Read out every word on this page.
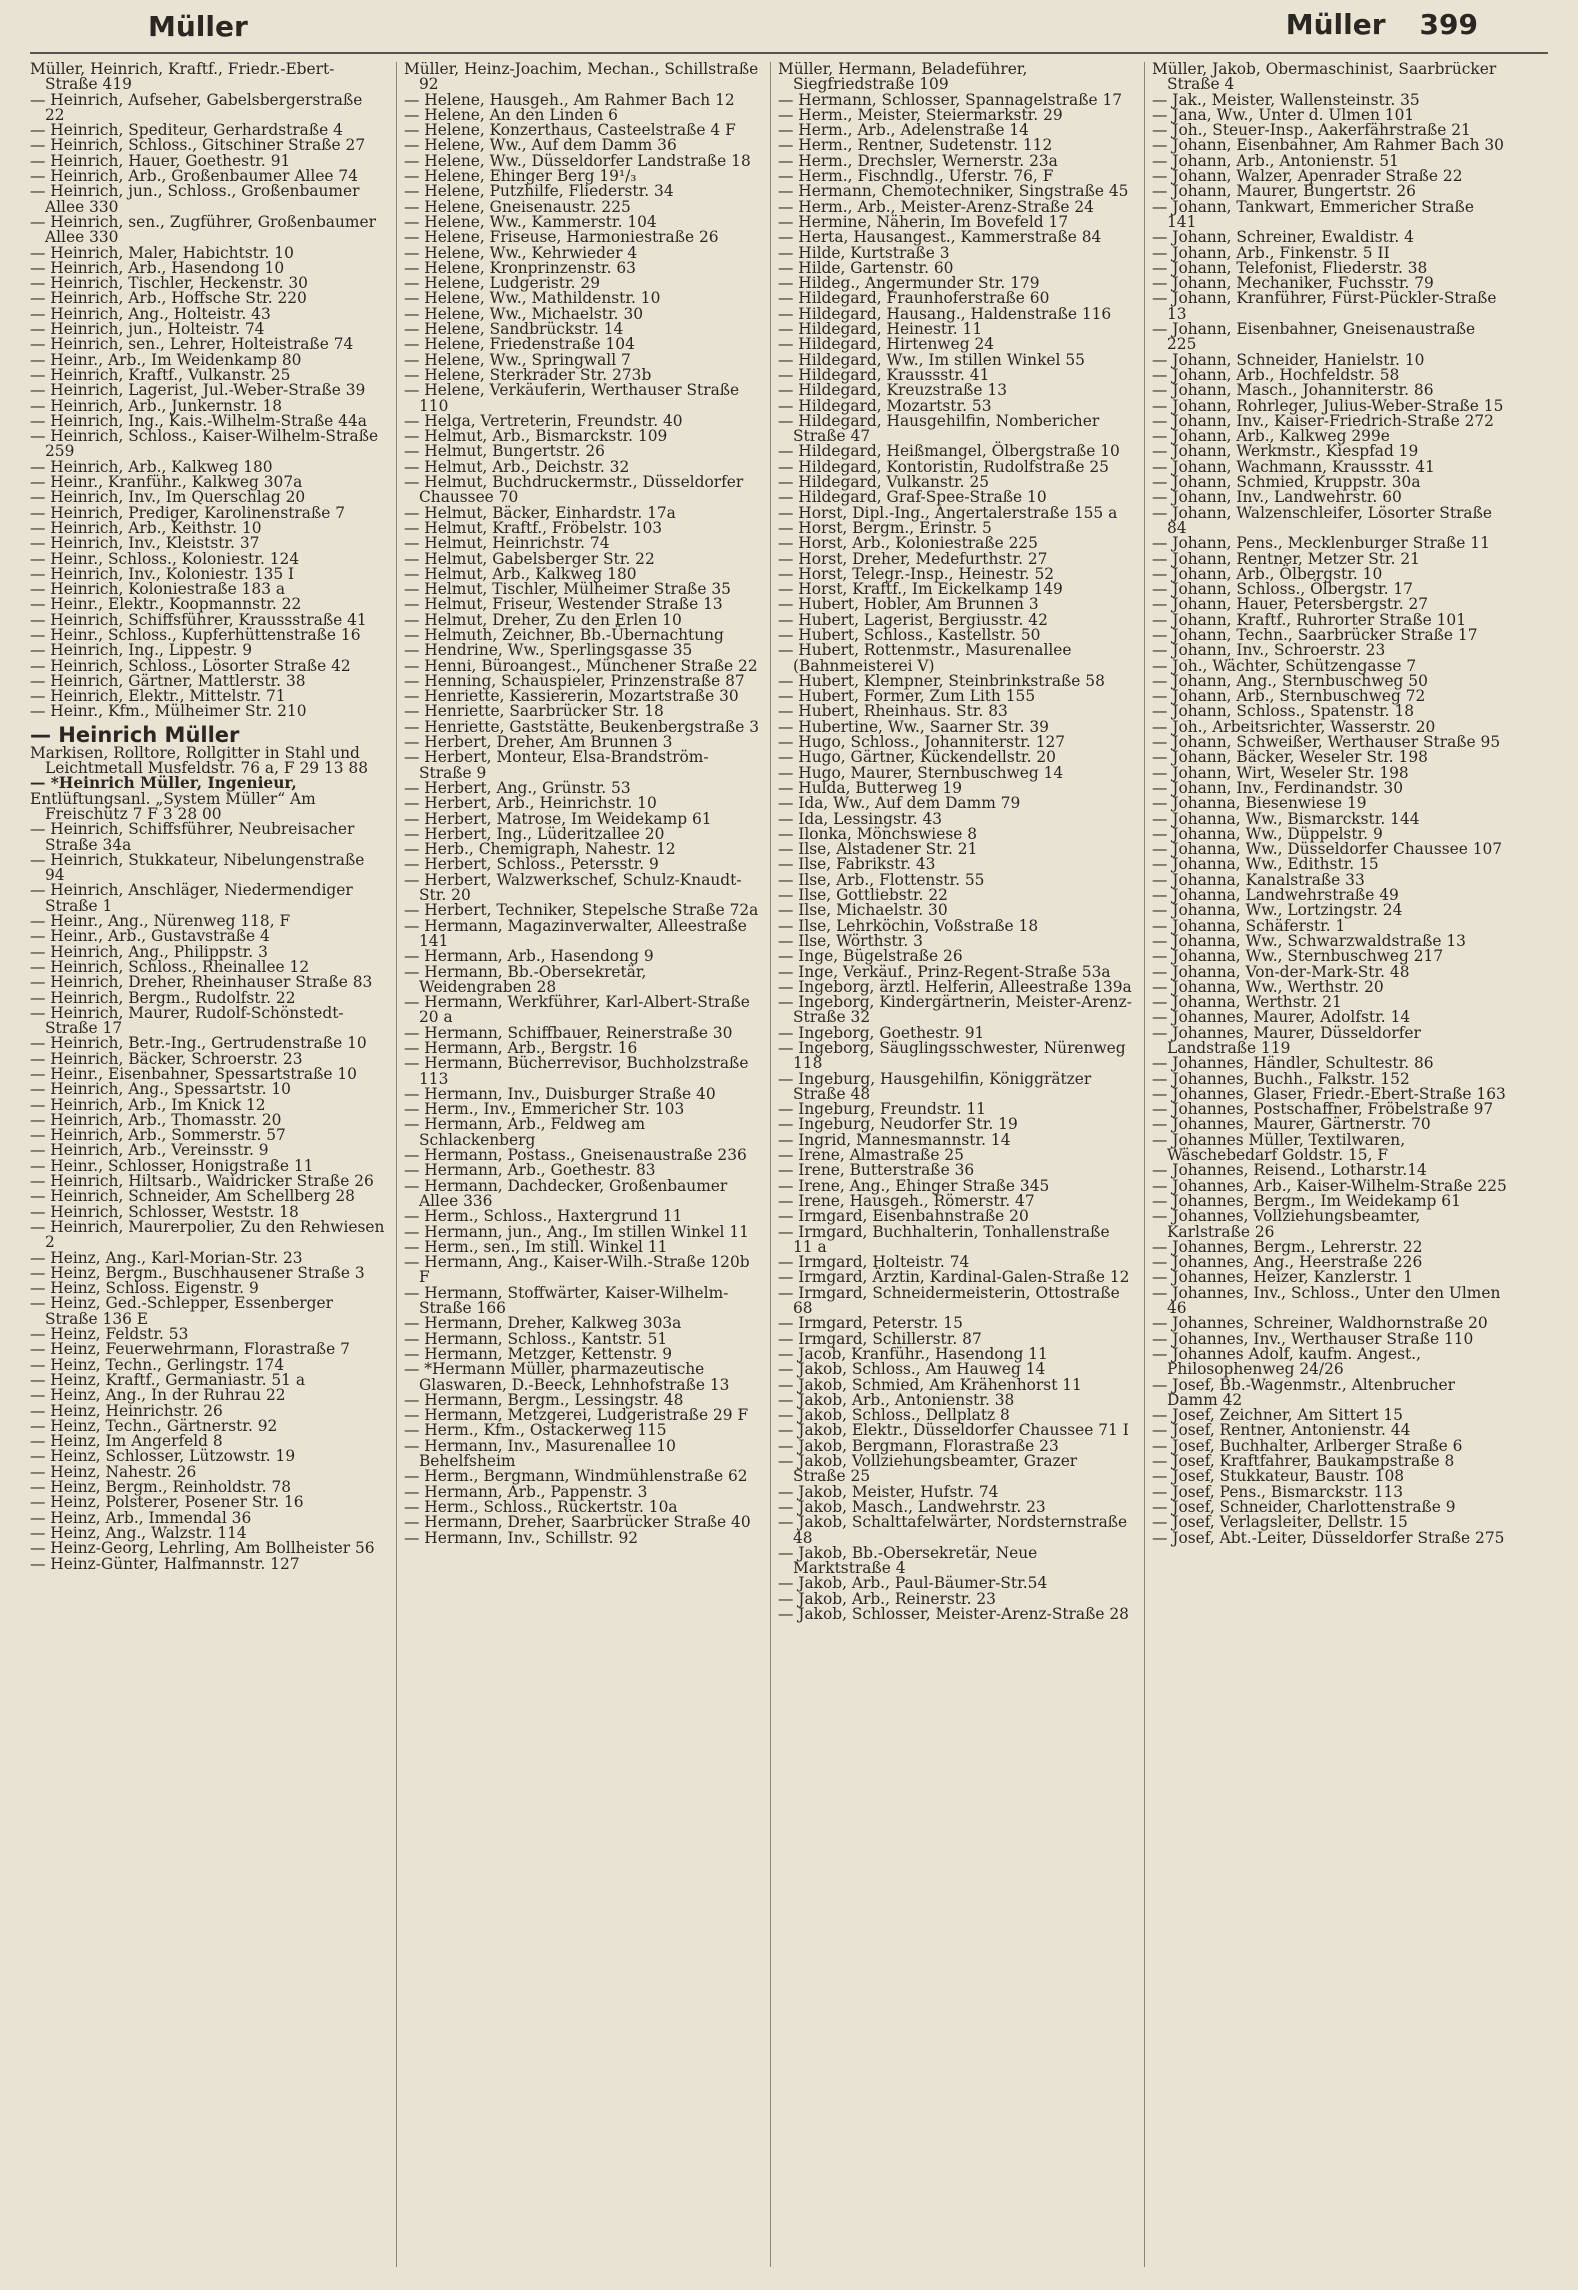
Müller	Müller 399

Müller, Heinrich, Kraftf., Friedr.-Ebert-Straße 419

— Heinrich, Aufseher, Gabelsbergerstraße 22

— Heinrich, Spediteur, Gerhardstraße 4

— Heinrich, Schloss., Gitschiner Straße 27

— Heinrich, Hauer, Goethestr. 91

— Heinrich, Arb., Großenbaumer Allee 74

— Heinrich, jun., Schloss., Großenbaumer Allee 330

— Heinrich, sen., Zugführer, Großenbaumer Allee 330

— Heinrich, Maler, Habichtstr. 10

— Heinrich, Arb., Hasendong 10

— Heinrich, Tischler, Heckenstr. 30

— Heinrich, Arb., Hoffsche Str. 220

— Heinrich, Ang., Holteistr. 43

— Heinrich, jun., Holteistr. 74

— Heinrich, sen., Lehrer, Holteistraße 74

— Heinr., Arb., Im Weidenkamp 80

— Heinrich, Kraftf., Vulkanstr. 25

— Heinrich, Lagerist, Jul.-Weber-Straße 39

— Heinrich, Arb., Junkernstr. 18

— Heinrich, Ing., Kais.-Wilhelm-Straße 44a

— Heinrich, Schloss., Kaiser-Wilhelm-Straße 259

— Heinrich, Arb., Kalkweg 180

— Heinr., Kranführ., Kalkweg 307a

— Heinrich, Inv., Im Querschlag 20

— Heinrich, Prediger, Karolinenstraße 7

— Heinrich, Arb., Keithstr. 10

— Heinrich, Inv., Kleiststr. 37

— Heinr., Schloss., Koloniestr. 124

— Heinrich, Inv., Koloniestr. 135 I

— Heinrich, Koloniestraße 183 a

— Heinr., Elektr., Koopmannstr. 22

— Heinrich, Schiffsführer, Kraussstraße 41

— Heinr., Schloss., Kupferhüttenstraße 16

— Heinrich, Ing., Lippestr. 9

— Heinrich, Schloss., Lösorter Straße 42

— Heinrich, Gärtner, Mattlerstr. 38

— Heinrich, Elektr., Mittelstr. 71

— Heinr., Kfm., Mülheimer Str. 210

— Heinrich Müller

Markisen, Rolltore, Rollgitter in Stahl und Leichtmetall Musfeldstr. 76 a, F 29 13 88

— *Heinrich Müller, Ingenieur,

Entlüftungsanl. „System Müller“ Am Freischütz 7 F 3 28 00

— Heinrich, Schiffsführer, Neubreisacher Straße 34a

— Heinrich, Stukkateur, Nibelungenstraße 94

— Heinrich, Anschläger, Niedermendiger Straße 1

— Heinr., Ang., Nürenweg 118, F

— Heinr., Arb., Gustavstraße 4

— Heinrich, Ang., Philippstr. 3

— Heinrich, Schloss., Rheinallee 12

— Heinrich, Dreher, Rheinhauser Straße 83

— Heinrich, Bergm., Rudolfstr. 22

— Heinrich, Maurer, Rudolf-Schönstedt-Straße 17

— Heinrich, Betr.-Ing., Gertrudenstraße 10

— Heinrich, Bäcker, Schroerstr. 23

— Heinr., Eisenbahner, Spessartstraße 10

— Heinrich, Ang., Spessartstr. 10

— Heinrich, Arb., Im Knick 12

— Heinrich, Arb., Thomasstr. 20

— Heinrich, Arb., Sommerstr. 57

— Heinrich, Arb., Vereinsstr. 9

— Heinr., Schlosser, Honigstraße 11

— Heinrich, Hiltsarb., Waidricker Straße 26

— Heinrich, Schneider, Am Schellberg 28

— Heinrich, Schlosser, Weststr. 18

— Heinrich, Maurerpolier, Zu den Rehwiesen 2

— Heinz, Ang., Karl-Morian-Str. 23

— Heinz, Bergm., Buschhausener Straße 3

— Heinz, Schloss. Eigenstr. 9

— Heinz, Ged.-Schlepper, Essenberger Straße 136 E

— Heinz, Feldstr. 53

— Heinz, Feuerwehrmann, Florastraße 7

— Heinz, Techn., Gerlingstr. 174

— Heinz, Kraftf., Germaniastr. 51 a

— Heinz, Ang., In der Ruhrau 22

— Heinz, Heinrichstr. 26

— Heinz, Techn., Gärtnerstr. 92

— Heinz, Im Angerfeld 8

— Heinz, Schlosser, Lützowstr. 19

— Heinz, Nahestr. 26

— Heinz, Bergm., Reinholdstr. 78

— Heinz, Polsterer, Posener Str. 16

— Heinz, Arb., Immendal 36

— Heinz, Ang., Walzstr. 114

— Heinz-Georg, Lehrling, Am Bollheister 56

— Heinz-Günter, Halfmannstr. 127

Müller, Heinz-Joachim, Mechan., Schillstraße 92

— Helene, Hausgeh., Am Rahmer Bach 12

— Helene, An den Linden 6

— Helene, Konzerthaus, Casteelstraße 4 F

— Helene, Ww., Auf dem Damm 36

— Helene, Ww., Düsseldorfer Landstraße 18

— Helene, Ehinger Berg 19¹/₃

— Helene, Putzhilfe, Fliederstr. 34

— Helene, Gneisenaustr. 225

— Helene, Ww., Kammerstr. 104

— Helene, Friseuse, Harmoniestraße 26

— Helene, Ww., Kehrwieder 4

— Helene, Kronprinzenstr. 63

— Helene, Ludgeristr. 29

— Helene, Ww., Mathildenstr. 10

— Helene, Ww., Michaelstr. 30

— Helene, Sandbrückstr. 14

— Helene, Friedenstraße 104

— Helene, Ww., Springwall 7

— Helene, Sterkrader Str. 273b

— Helene, Verkäuferin, Werthauser Straße 110

— Helga, Vertreterin, Freundstr. 40

— Helmut, Arb., Bismarckstr. 109

— Helmut, Bungertstr. 26

— Helmut, Arb., Deichstr. 32

— Helmut, Buchdruckermstr., Düsseldorfer Chaussee 70

— Helmut, Bäcker, Einhardstr. 17a

— Helmut, Kraftf., Fröbelstr. 103

— Helmut, Heinrichstr. 74

— Helmut, Gabelsberger Str. 22

— Helmut, Arb., Kalkweg 180

— Helmut, Tischler, Mülheimer Straße 35

— Helmut, Friseur, Westender Straße 13

— Helmut, Dreher, Zu den Erlen 10

— Helmuth, Zeichner, Bb.-Übernachtung

— Hendrine, Ww., Sperlingsgasse 35

— Henni, Büroangest., Münchener Straße 22

— Henning, Schauspieler, Prinzenstraße 87

— Henriette, Kassiererin, Mozartstraße 30

— Henriette, Saarbrücker Str. 18

— Henriette, Gaststätte, Beukenbergstraße 3

— Herbert, Dreher, Am Brunnen 3

— Herbert, Monteur, Elsa-Brandström-Straße 9

— Herbert, Ang., Grünstr. 53

— Herbert, Arb., Heinrichstr. 10

— Herbert, Matrose, Im Weidekamp 61

— Herbert, Ing., Lüderitzallee 20

— Herb., Chemigraph, Nahestr. 12

— Herbert, Schloss., Petersstr. 9

— Herbert, Walzwerkschef, Schulz-Knaudt-Str. 20

— Herbert, Techniker, Stepelsche Straße 72a

— Hermann, Magazinverwalter, Alleestraße 141

— Hermann, Arb., Hasendong 9

— Hermann, Bb.-Obersekretär, Weidengraben 28

— Hermann, Werkführer, Karl-Albert-Straße 20 a

— Hermann, Schiffbauer, Reinerstraße 30

— Hermann, Arb., Bergstr. 16

— Hermann, Bücherrevisor, Buchholzstraße 113

— Hermann, Inv., Duisburger Straße 40

— Herm., Inv., Emmericher Str. 103

— Hermann, Arb., Feldweg am Schlackenberg

— Hermann, Postass., Gneisenaustraße 236

— Hermann, Arb., Goethestr. 83

— Hermann, Dachdecker, Großenbaumer Allee 336

— Herm., Schloss., Haxtergrund 11

— Hermann, jun., Ang., Im stillen Winkel 11

— Herm., sen., Im still. Winkel 11

— Hermann, Ang., Kaiser-Wilh.-Straße 120b F

— Hermann, Stoffwärter, Kaiser-Wilhelm-Straße 166

— Hermann, Dreher, Kalkweg 303a

— Hermann, Schloss., Kantstr. 51

— Hermann, Metzger, Kettenstr. 9

— *Hermann Müller, pharmazeutische Glaswaren, D.-Beeck, Lehnhofstraße 13

— Hermann, Bergm., Lessingstr. 48

— Hermann, Metzgerei, Ludgeristraße 29 F

— Herm., Kfm., Ostackerweg 115

— Hermann, Inv., Masurenallee 10 Behelfsheim

— Herm., Bergmann, Windmühlenstraße 62

— Hermann, Arb., Pappenstr. 3

— Herm., Schloss., Rückertstr. 10a

— Hermann, Dreher, Saarbrücker Straße 40

— Hermann, Inv., Schillstr. 92

Müller, Hermann, Beladeführer, Siegfriedstraße 109

— Hermann, Schlosser, Spannagelstraße 17

— Herm., Meister, Steiermarkstr. 29

— Herm., Arb., Adelenstraße 14

— Herm., Rentner, Sudetenstr. 112

— Herm., Drechsler, Wernerstr. 23a

— Herm., Fischndlg., Uferstr. 76, F

— Hermann, Chemotechniker, Singstraße 45

— Herm., Arb., Meister-Arenz-Straße 24

— Hermine, Näherin, Im Bovefeld 17

— Herta, Hausangest., Kammerstraße 84

— Hilde, Kurtstraße 3

— Hilde, Gartenstr. 60

— Hildeg., Angermunder Str. 179

— Hildegard, Fraunhoferstraße 60

— Hildegard, Hausang., Haldenstraße 116

— Hildegard, Heinestr. 11

— Hildegard, Hirtenweg 24

— Hildegard, Ww., Im stillen Winkel 55

— Hildegard, Kraussstr. 41

— Hildegard, Kreuzstraße 13

— Hildegard, Mozartstr. 53

— Hildegard, Hausgehilfin, Nombericher Straße 47

— Hildegard, Heißmangel, Ölbergstraße 10

— Hildegard, Kontoristin, Rudolfstraße 25

— Hildegard, Vulkanstr. 25

— Hildegard, Graf-Spee-Straße 10

— Horst, Dipl.-Ing., Angertalerstraße 155 a

— Horst, Bergm., Erinstr. 5

— Horst, Arb., Koloniestraße 225

— Horst, Dreher, Medefurthstr. 27

— Horst, Telegr.-Insp., Heinestr. 52

— Horst, Kraftf., Im Eickelkamp 149

— Hubert, Hobler, Am Brunnen 3

— Hubert, Lagerist, Bergiusstr. 42

— Hubert, Schloss., Kastellstr. 50

— Hubert, Rottenmstr., Masurenallee (Bahnmeisterei V)

— Hubert, Klempner, Steinbrinkstraße 58

— Hubert, Former, Zum Lith 155

— Hubert, Rheinhaus. Str. 83

— Hubertine, Ww., Saarner Str. 39

— Hugo, Schloss., Johanniterstr. 127

— Hugo, Gärtner, Kückendellstr. 20

— Hugo, Maurer, Sternbuschweg 14

— Hulda, Butterweg 19

— Ida, Ww., Auf dem Damm 79

— Ida, Lessingstr. 43

— Ilonka, Mönchswiese 8

— Ilse, Alstadener Str. 21

— Ilse, Fabrikstr. 43

— Ilse, Arb., Flottenstr. 55

— Ilse, Gottliebstr. 22

— Ilse, Michaelstr. 30

— Ilse, Lehrköchin, Voßstraße 18

— Ilse, Wörthstr. 3

— Inge, Bügelstraße 26

— Inge, Verkäuf., Prinz-Regent-Straße 53a

— Ingeborg, ärztl. Helferin, Alleestraße 139a

— Ingeborg, Kindergärtnerin, Meister-Arenz-Straße 32

— Ingeborg, Goethestr. 91

— Ingeborg, Säuglingsschwester, Nürenweg 118

— Ingeburg, Hausgehilfin, Königgrätzer Straße 48

— Ingeburg, Freundstr. 11

— Ingeburg, Neudorfer Str. 19

— Ingrid, Mannesmannstr. 14

— Irene, Almastraße 25

— Irene, Butterstraße 36

— Irene, Ang., Ehinger Straße 345

— Irene, Hausgeh., Römerstr. 47

— Irmgard, Eisenbahnstraße 20

— Irmgard, Buchhalterin, Tonhallenstraße 11 a

— Irmgard, Holteistr. 74

— Irmgard, Ärztin, Kardinal-Galen-Straße 12

— Irmgard, Schneidermeisterin, Ottostraße 68

— Irmgard, Peterstr. 15

— Irmgard, Schillerstr. 87

— Jacob, Kranführ., Hasendong 11

— Jakob, Schloss., Am Hauweg 14

— Jakob, Schmied, Am Krähenhorst 11

— Jakob, Arb., Antonienstr. 38

— Jakob, Schloss., Dellplatz 8

— Jakob, Elektr., Düsseldorfer Chaussee 71 I

— Jakob, Bergmann, Florastraße 23

— Jakob, Vollziehungsbeamter, Grazer Straße 25

— Jakob, Meister, Hufstr. 74

— Jakob, Masch., Landwehrstr. 23

— Jakob, Schalttafelwärter, Nordsternstraße 48

— Jakob, Bb.-Obersekretär, Neue Marktstraße 4

— Jakob, Arb., Paul-Bäumer-Str.54

— Jakob, Arb., Reinerstr. 23

— Jakob, Schlosser, Meister-Arenz-Straße 28

Müller, Jakob, Obermaschinist, Saarbrücker Straße 4

— Jak., Meister, Wallensteinstr. 35

— Jana, Ww., Unter d. Ulmen 101

— Joh., Steuer-Insp., Aakerfährstraße 21

— Johann, Eisenbahner, Am Rahmer Bach 30

— Johann, Arb., Antonienstr. 51

— Johann, Walzer, Apenrader Straße 22

— Johann, Maurer, Bungertstr. 26

— Johann, Tankwart, Emmericher Straße 141

— Johann, Schreiner, Ewaldistr. 4

— Johann, Arb., Finkenstr. 5 II

— Johann, Telefonist, Fliederstr. 38

— Johann, Mechaniker, Fuchsstr. 79

— Johann, Kranführer, Fürst-Pückler-Straße 13

— Johann, Eisenbahner, Gneisenaustraße 225

— Johann, Schneider, Hanielstr. 10

— Johann, Arb., Hochfeldstr. 58

— Johann, Masch., Johanniterstr. 86

— Johann, Rohrleger, Julius-Weber-Straße 15

— Johann, Inv., Kaiser-Friedrich-Straße 272

— Johann, Arb., Kalkweg 299e

— Johann, Werkmstr., Kiespfad 19

— Johann, Wachmann, Kraussstr. 41

— Johann, Schmied, Kruppstr. 30a

— Johann, Inv., Landwehrstr. 60

— Johann, Walzenschleifer, Lösorter Straße 84

— Johann, Pens., Mecklenburger Straße 11

— Johann, Rentner, Metzer Str. 21

— Johann, Arb., Ölbergstr. 10

— Johann, Schloss., Ölbergstr. 17

— Johann, Hauer, Petersbergstr. 27

— Johann, Kraftf., Ruhrorter Straße 101

— Johann, Techn., Saarbrücker Straße 17

— Johann, Inv., Schroerstr. 23

— Joh., Wächter, Schützengasse 7

— Johann, Ang., Sternbuschweg 50

— Johann, Arb., Sternbuschweg 72

— Johann, Schloss., Spatenstr. 18

— Joh., Arbeitsrichter, Wasserstr. 20

— Johann, Schweißer, Werthauser Straße 95

— Johann, Bäcker, Weseler Str. 198

— Johann, Wirt, Weseler Str. 198

— Johann, Inv., Ferdinandstr. 30

— Johanna, Biesenwiese 19

— Johanna, Ww., Bismarckstr. 144

— Johanna, Ww., Düppelstr. 9

— Johanna, Ww., Düsseldorfer Chaussee 107

— Johanna, Ww., Edithstr. 15

— Johanna, Kanalstraße 33

— Johanna, Landwehrstraße 49

— Johanna, Ww., Lortzingstr. 24

— Johanna, Schäferstr. 1

— Johanna, Ww., Schwarzwaldstraße 13

— Johanna, Ww., Sternbuschweg 217

— Johanna, Von-der-Mark-Str. 48

— Johanna, Ww., Werthstr. 20

— Johanna, Werthstr. 21

— Johannes, Maurer, Adolfstr. 14

— Johannes, Maurer, Düsseldorfer Landstraße 119

— Johannes, Händler, Schultestr. 86

— Johannes, Buchh., Falkstr. 152

— Johannes, Glaser, Friedr.-Ebert-Straße 163

— Johannes, Postschaffner, Fröbelstraße 97

— Johannes, Maurer, Gärtnerstr. 70

— Johannes Müller, Textilwaren, Wäschebedarf Goldstr. 15, F

— Johannes, Reisend., Lotharstr.14

— Johannes, Arb., Kaiser-Wilhelm-Straße 225

— Johannes, Bergm., Im Weidekamp 61

— Johannes, Vollziehungsbeamter, Karlstraße 26

— Johannes, Bergm., Lehrerstr. 22

— Johannes, Ang., Heerstraße 226

— Johannes, Heizer, Kanzlerstr. 1

— Johannes, Inv., Schloss., Unter den Ulmen 46

— Johannes, Schreiner, Waldhornstraße 20

— Johannes, Inv., Werthauser Straße 110

— Johannes Adolf, kaufm. Angest., Philosophenweg 24/26

— Josef, Bb.-Wagenmstr., Altenbrucher Damm 42

— Josef, Zeichner, Am Sittert 15

— Josef, Rentner, Antonienstr. 44

— Josef, Buchhalter, Arlberger Straße 6

— Josef, Kraftfahrer, Baukampstraße 8

— Josef, Stukkateur, Baustr. 108

— Josef, Pens., Bismarckstr. 113

— Josef, Schneider, Charlottenstraße 9

— Josef, Verlagsleiter, Dellstr. 15

— Josef, Abt.-Leiter, Düsseldorfer Straße 275
